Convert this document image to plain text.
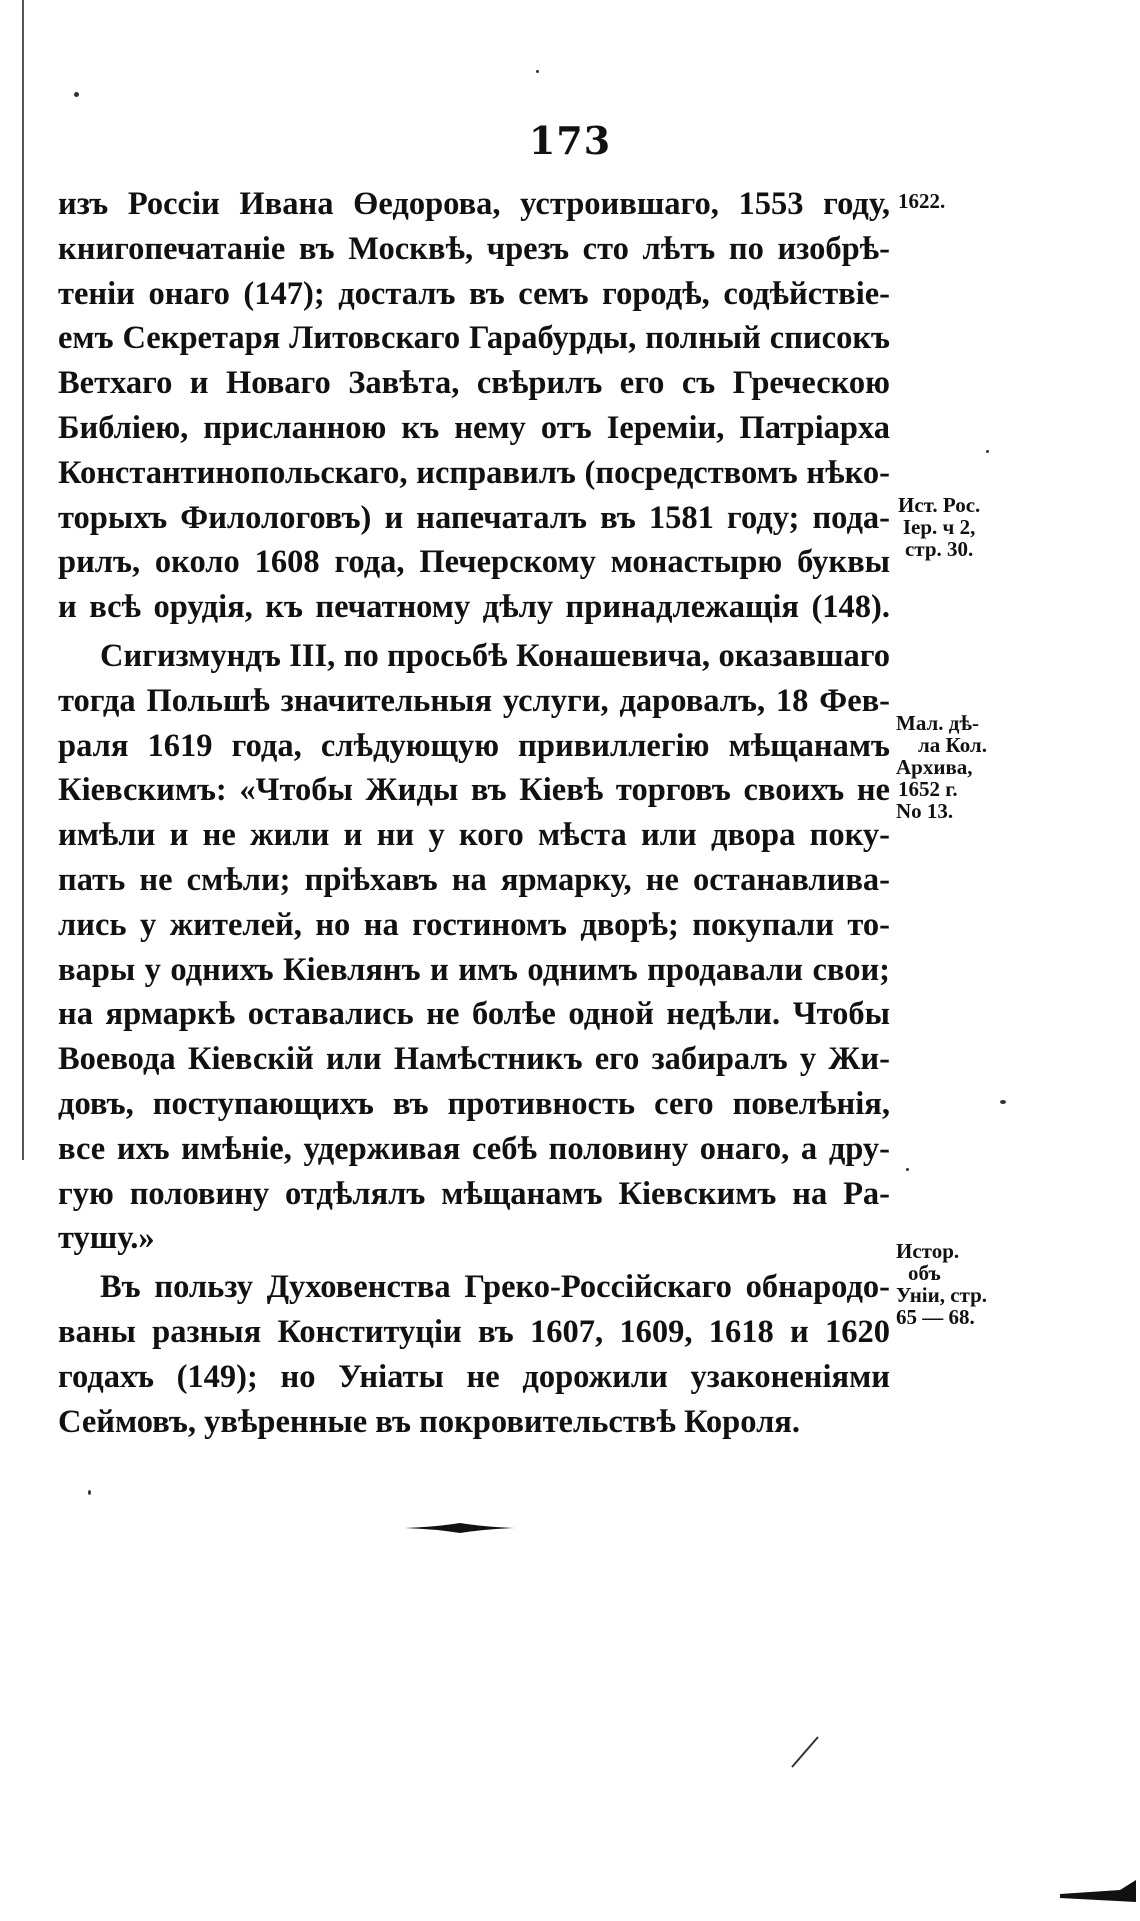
173
изъ Россіи Ивана Өедорова, устроившаго, 1553 году,
книгопечатаніе въ Москвѣ, чрезъ сто лѣтъ по изобрѣ-
теніи онаго (147); досталъ въ семъ городѣ, содѣйствіе-
емъ Секретаря Литовскаго Гарабурды, полный списокъ
Ветхаго и Новаго Завѣта, свѣрилъ его съ Греческою
Библіею, присланною къ нему отъ Іереміи, Патріарха
Константинопольскаго, исправилъ (посредствомъ нѣко-
торыхъ Филологовъ) и напечаталъ въ 1581 году; пода-
рилъ, около 1608 года, Печерскому монастырю буквы
и всѣ орудія, къ печатному дѣлу принадлежащія (148).
Сигизмундъ III, по просьбѣ Конашевича, оказавшаго
тогда Польшѣ значительныя услуги, даровалъ, 18 Фев-
раля 1619 года, слѣдующую привиллегію мѣщанамъ
Кіевскимъ: «Чтобы Жиды въ Кіевѣ торговъ своихъ не
имѣли и не жили и ни у кого мѣста или двора поку-
пать не смѣли; пріѣхавъ на ярмарку, не останавлива-
лись у жителей, но на гостиномъ дворѣ; покупали то-
вары у однихъ Кіевлянъ и имъ однимъ продавали свои;
на ярмаркѣ оставались не болѣе одной недѣли. Чтобы
Воевода Кіевскій или Намѣстникъ его забиралъ у Жи-
довъ, поступающихъ въ противность сего повелѣнія,
все ихъ имѣніе, удерживая себѣ половину онаго, а дру-
гую половину отдѣлялъ мѣщанамъ Кіевскимъ на Ра-
тушу.»
Въ пользу Духовенства Греко-Россійскаго обнародо-
ваны разныя Конституціи въ 1607, 1609, 1618 и 1620
годахъ (149); но Уніаты не дорожили узаконеніями
Сеймовъ, увѣренные въ покровительствѣ Короля.
1622.
Ист. Рос.
Іер. ч 2,
стр. 30.
Мал. дѣ-
ла Кол.
Архива,
1652 г.
No 13.
Истор.
объ
Уніи, стр.
65 — 68.
